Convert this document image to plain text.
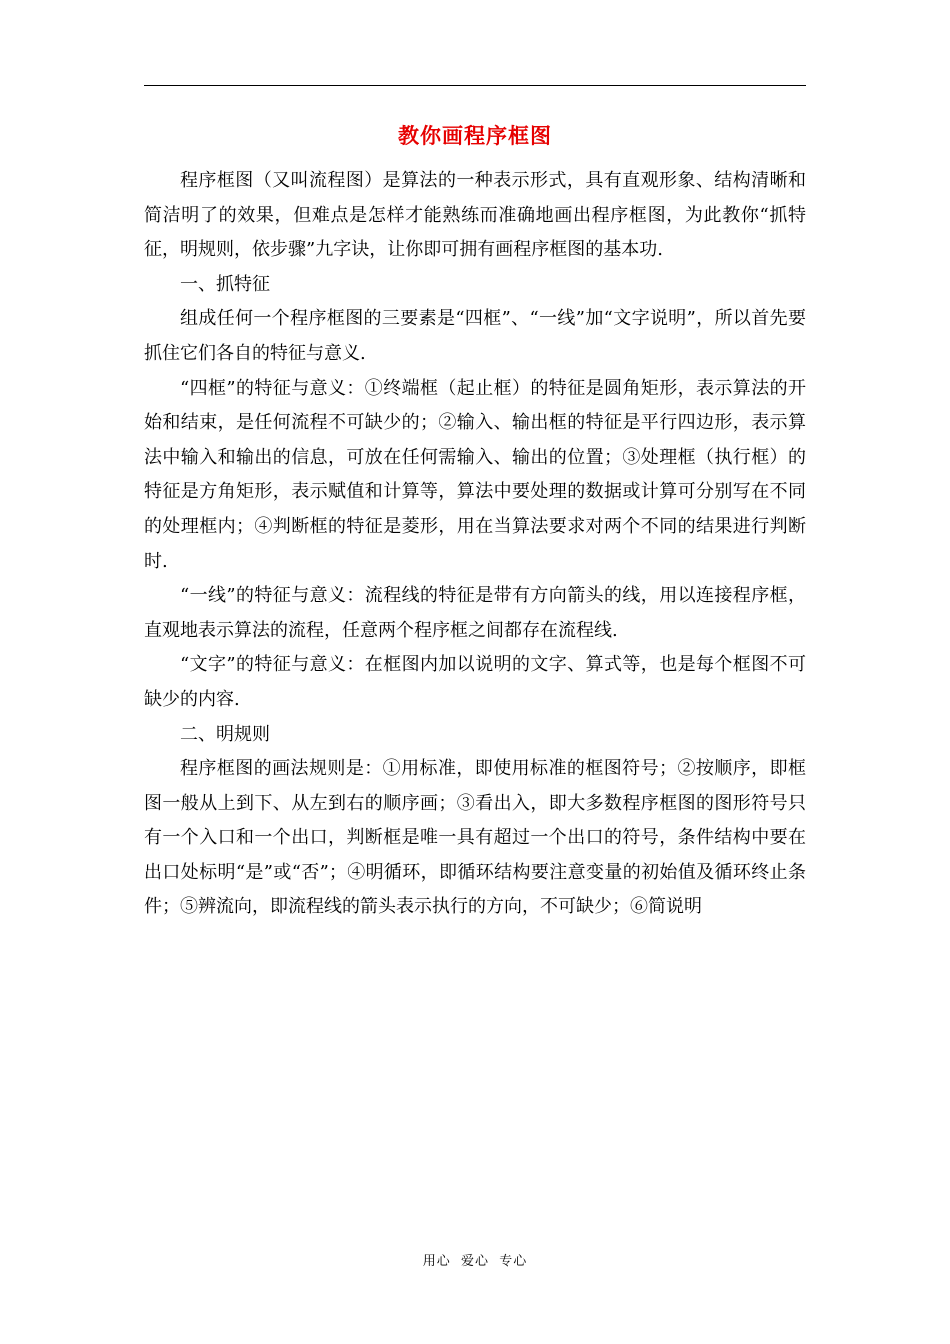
教你画程序框图

程序框图（又叫流程图）是算法的一种表示形式，具有直观形象、结构清晰和简洁明了的效果，但难点是怎样才能熟练而准确地画出程序框图，为此教你“抓特征，明规则，依步骤”九字诀，让你即可拥有画程序框图的基本功.

一、抓特征

组成任何一个程序框图的三要素是“四框”、“一线”加“文字说明”，所以首先要抓住它们各自的特征与意义.

“四框”的特征与意义：①终端框（起止框）的特征是圆角矩形，表示算法的开始和结束，是任何流程不可缺少的；②输入、输出框的特征是平行四边形，表示算法中输入和输出的信息，可放在任何需输入、输出的位置；③处理框（执行框）的特征是方角矩形，表示赋值和计算等，算法中要处理的数据或计算可分别写在不同的处理框内；④判断框的特征是菱形，用在当算法要求对两个不同的结果进行判断时.

“一线”的特征与意义：流程线的特征是带有方向箭头的线，用以连接程序框，直观地表示算法的流程，任意两个程序框之间都存在流程线.

“文字”的特征与意义：在框图内加以说明的文字、算式等，也是每个框图不可缺少的内容.

二、明规则

程序框图的画法规则是：①用标准，即使用标准的框图符号；②按顺序，即框图一般从上到下、从左到右的顺序画；③看出入，即大多数程序框图的图形符号只有一个入口和一个出口，判断框是唯一具有超过一个出口的符号，条件结构中要在出口处标明“是”或“否”；④明循环，即循环结构要注意变量的初始值及循环终止条件；⑤辨流向，即流程线的箭头表示执行的方向，不可缺少；⑥简说明

用心  爱心  专心
